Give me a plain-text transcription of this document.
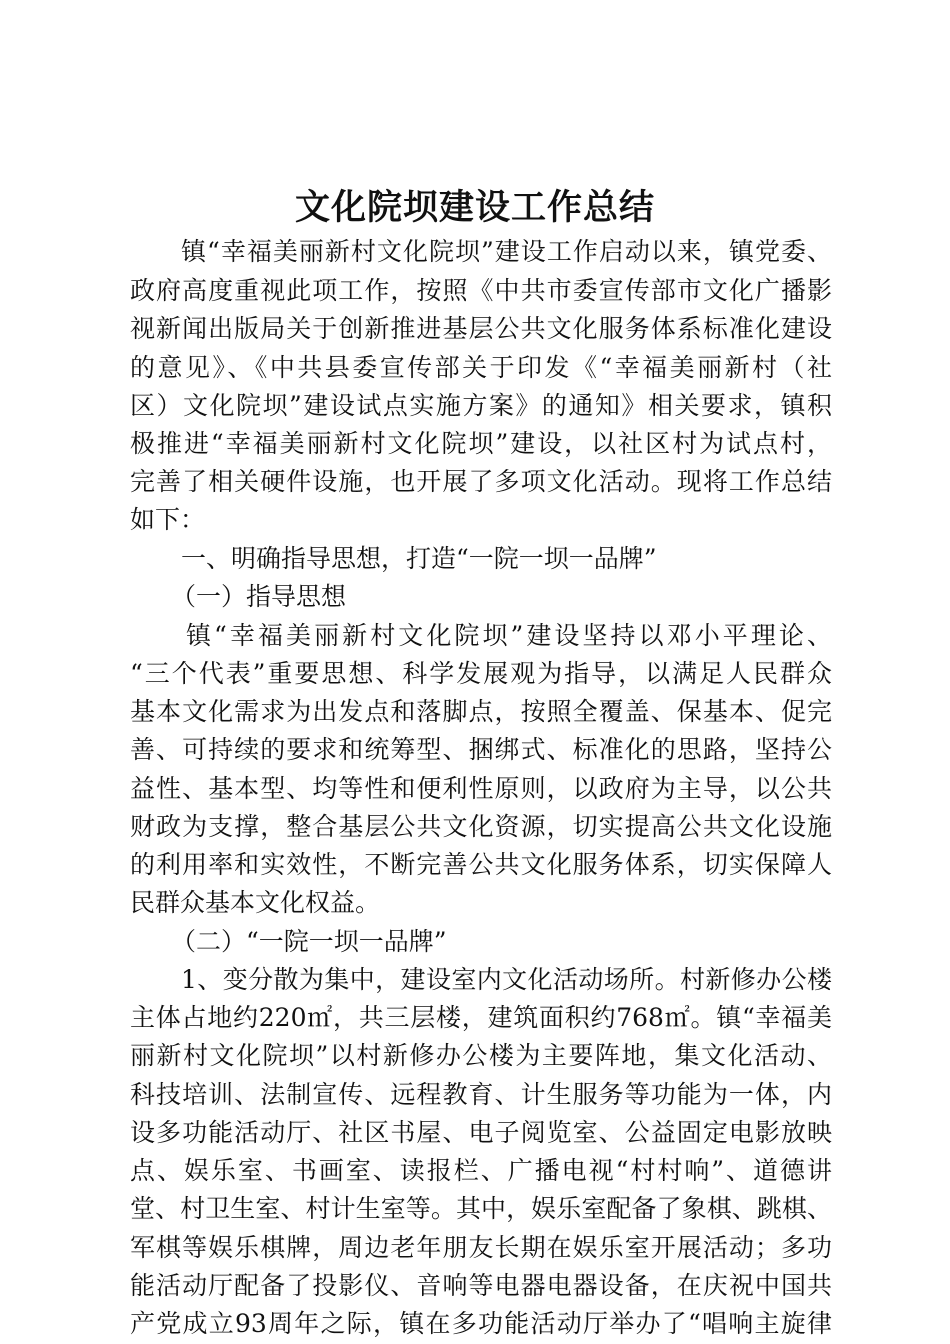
文化院坝建设工作总结
镇“幸福美丽新村文化院坝”建设工作启动以来，镇党委、
政府高度重视此项工作，按照《中共市委宣传部市文化广播影
视新闻出版局关于创新推进基层公共文化服务体系标准化建设
的意见》、《中共县委宣传部关于印发《“幸福美丽新村（社
区）文化院坝”建设试点实施方案》的通知》相关要求，镇积
极推进“幸福美丽新村文化院坝”建设，以社区村为试点村，
完善了相关硬件设施，也开展了多项文化活动。现将工作总结
如下：
一、明确指导思想，打造“一院一坝一品牌”
（一）指导思想
镇“幸福美丽新村文化院坝”建设坚持以邓小平理论、
“三个代表”重要思想、科学发展观为指导，以满足人民群众
基本文化需求为出发点和落脚点，按照全覆盖、保基本、促完
善、可持续的要求和统筹型、捆绑式、标准化的思路，坚持公
益性、基本型、均等性和便利性原则，以政府为主导，以公共
财政为支撑，整合基层公共文化资源，切实提高公共文化设施
的利用率和实效性，不断完善公共文化服务体系，切实保障人
民群众基本文化权益。
（二）“一院一坝一品牌”
1、变分散为集中，建设室内文化活动场所。村新修办公楼
主体占地约220㎡，共三层楼，建筑面积约768㎡。镇“幸福美
丽新村文化院坝”以村新修办公楼为主要阵地，集文化活动、
科技培训、法制宣传、远程教育、计生服务等功能为一体，内
设多功能活动厅、社区书屋、电子阅览室、公益固定电影放映
点、娱乐室、书画室、读报栏、广播电视“村村响”、道德讲
堂、村卫生室、村计生室等。其中，娱乐室配备了象棋、跳棋、
军棋等娱乐棋牌，周边老年朋友长期在娱乐室开展活动；多功
能活动厅配备了投影仪、音响等电器电器设备，在庆祝中国共
产党成立93周年之际，镇在多功能活动厅举办了“唱响主旋律
